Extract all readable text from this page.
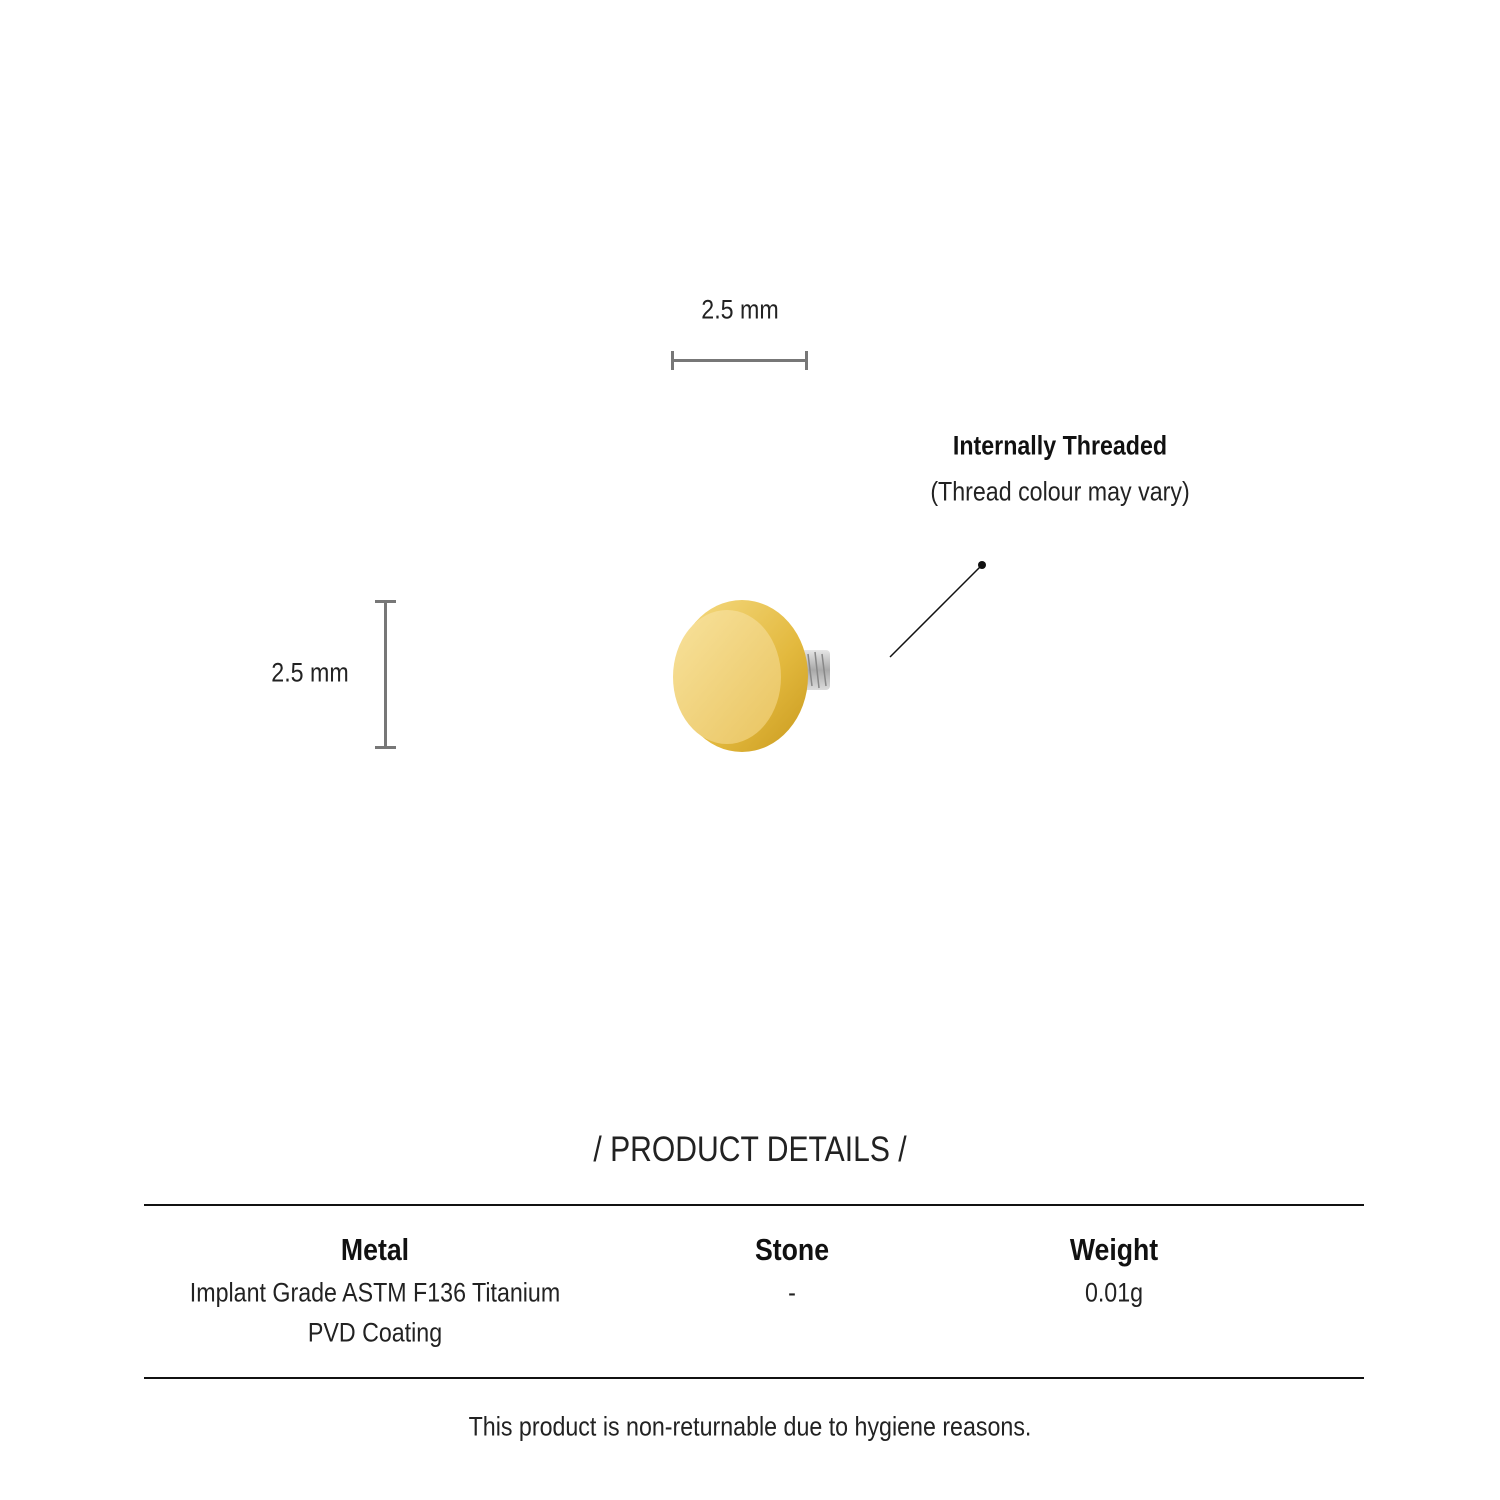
2.5 mm
2.5 mm
Internally Threaded
(Thread colour may vary)
/ PRODUCT DETAILS /
Metal
Implant Grade ASTM F136 Titanium
PVD Coating
Stone
-
Weight
0.01g
This product is non-returnable due to hygiene reasons.
